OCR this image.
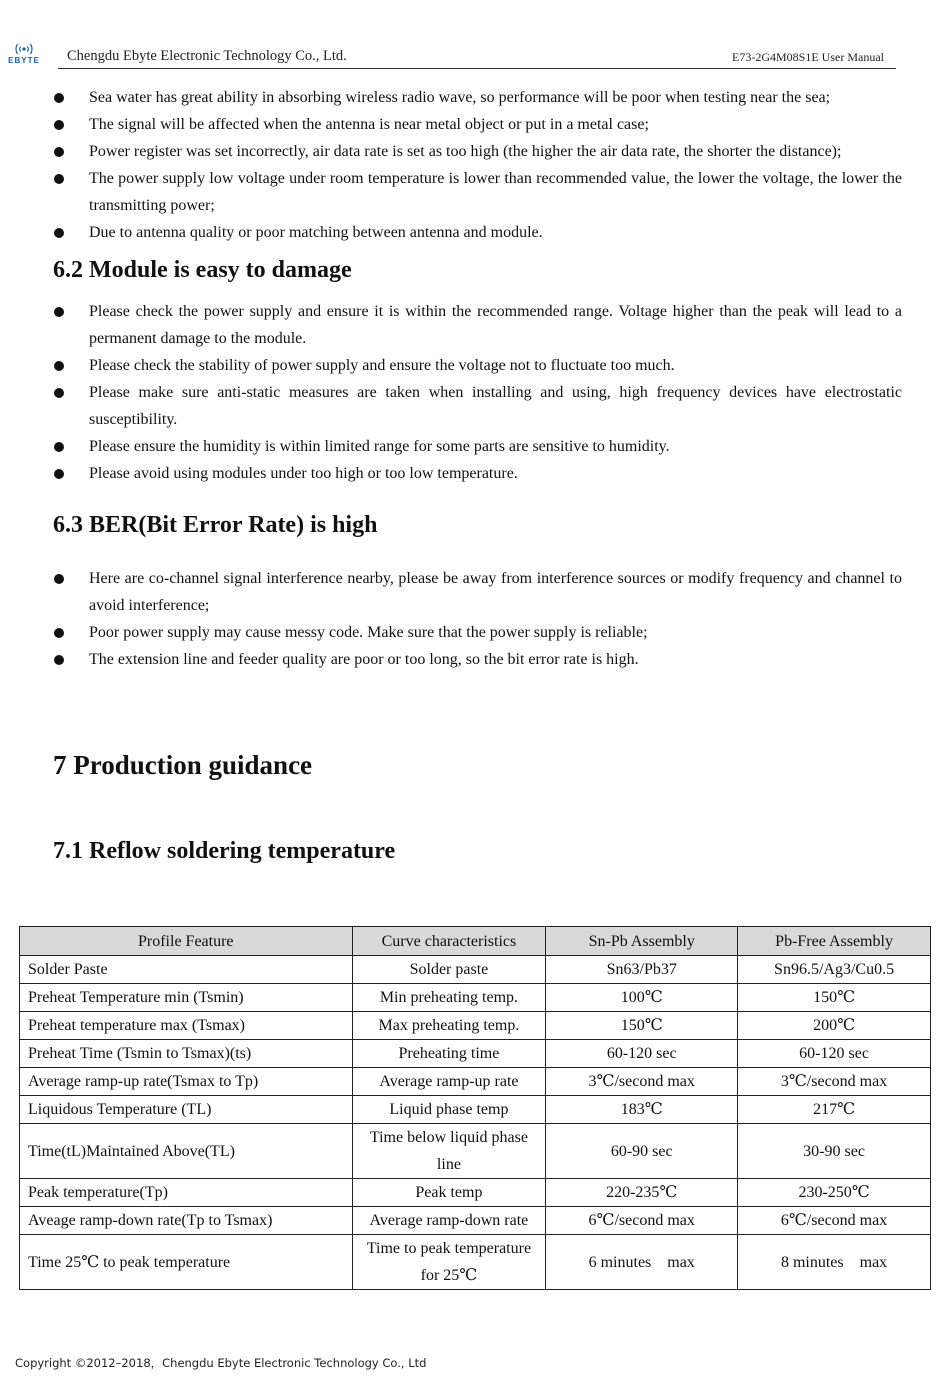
EBYTE Chengdu Ebyte Electronic Technology Co., Ltd.	E73-2G4M08S1E User Manual
Sea water has great ability in absorbing wireless radio wave, so performance will be poor when testing near the sea;
The signal will be affected when the antenna is near metal object or put in a metal case;
Power register was set incorrectly, air data rate is set as too high (the higher the air data rate, the shorter the distance);
The power supply low voltage under room temperature is lower than recommended value, the lower the voltage, the lower the transmitting power;
Due to antenna quality or poor matching between antenna and module.
6.2 Module is easy to damage
Please check the power supply and ensure it is within the recommended range. Voltage higher than the peak will lead to a permanent damage to the module.
Please check the stability of power supply and ensure the voltage not to fluctuate too much.
Please make sure anti-static measures are taken when installing and using, high frequency devices have electrostatic susceptibility.
Please ensure the humidity is within limited range for some parts are sensitive to humidity.
Please avoid using modules under too high or too low temperature.
6.3 BER(Bit Error Rate) is high
Here are co-channel signal interference nearby, please be away from interference sources or modify frequency and channel to avoid interference;
Poor power supply may cause messy code. Make sure that the power supply is reliable;
The extension line and feeder quality are poor or too long, so the bit error rate is high.
7 Production guidance
7.1 Reflow soldering temperature
Profile Feature	Curve characteristics	Sn-Pb Assembly	Pb-Free Assembly
Solder Paste	Solder paste	Sn63/Pb37	Sn96.5/Ag3/Cu0.5
Preheat Temperature min (Tsmin)	Min preheating temp.	100℃	150℃
Preheat temperature max (Tsmax)	Max preheating temp.	150℃	200℃
Preheat Time (Tsmin to Tsmax)(ts)	Preheating time	60-120 sec	60-120 sec
Average ramp-up rate(Tsmax to Tp)	Average ramp-up rate	3℃/second max	3℃/second max
Liquidous Temperature (TL)	Liquid phase temp	183℃	217℃
Time(tL)Maintained Above(TL)	Time below liquid phase line	60-90 sec	30-90 sec
Peak temperature(Tp)	Peak temp	220-235℃	230-250℃
Aveage ramp-down rate(Tp to Tsmax)	Average ramp-down rate	6℃/second max	6℃/second max
Time 25℃ to peak temperature	Time to peak temperature for 25℃	6 minutes    max	8 minutes    max
Copyright ©2012–2018，Chengdu Ebyte Electronic Technology Co., Ltd
